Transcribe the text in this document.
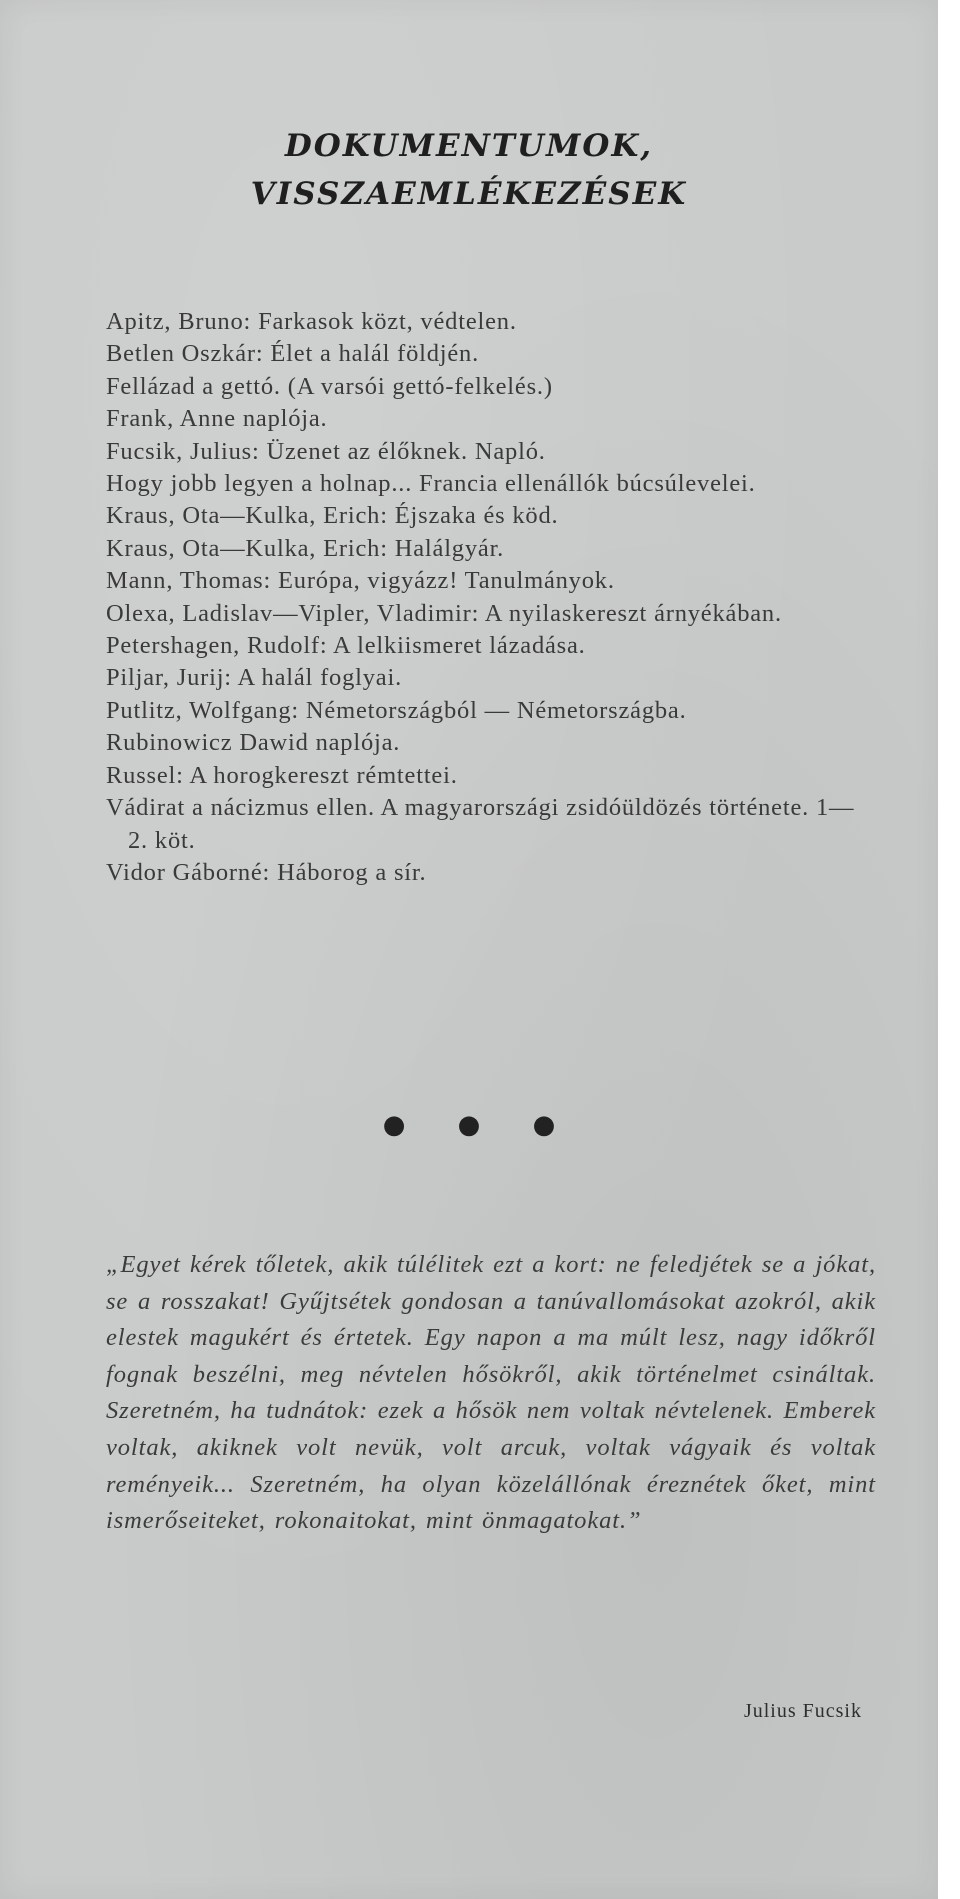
DOKUMENTUMOK,
VISSZAEMLÉKEZÉSEK
Apitz, Bruno: Farkasok közt, védtelen.
Betlen Oszkár: Élet a halál földjén.
Fellázad a gettó. (A varsói gettó-felkelés.)
Frank, Anne naplója.
Fucsik, Julius: Üzenet az élőknek. Napló.
Hogy jobb legyen a holnap... Francia ellenállók búcsúlevelei.
Kraus, Ota—Kulka, Erich: Éjszaka és köd.
Kraus, Ota—Kulka, Erich: Halálgyár.
Mann, Thomas: Európa, vigyázz! Tanulmányok.
Olexa, Ladislav—Vipler, Vladimir: A nyilaskereszt árnyékában.
Petershagen, Rudolf: A lelkiismeret lázadása.
Piljar, Jurij: A halál foglyai.
Putlitz, Wolfgang: Németországból — Németországba.
Rubinowicz Dawid naplója.
Russel: A horogkereszt rémtettei.
Vádirat a nácizmus ellen. A magyarországi zsidóüldözés története. 1—2. köt.
Vidor Gáborné: Háborog a sír.
● ● ●

„Egyet kérek tőletek, akik túlélitek ezt a kort: ne feledjétek se a jókat, se a rosszakat! Gyűjtsétek gondosan a tanúvallomásokat azokról, akik elestek magukért és értetek. Egy napon a ma múlt lesz, nagy időkről fognak beszélni, meg névtelen hősökről, akik történelmet csináltak. Szeretném, ha tudnátok: ezek a hősök nem voltak névtelenek. Emberek voltak, akiknek volt nevük, volt arcuk, voltak vágyaik és voltak reményeik... Szeretném, ha olyan közelállónak éreznétek őket, mint ismerőseiteket, rokonaitokat, mint önmagatokat.”

Julius Fucsik
